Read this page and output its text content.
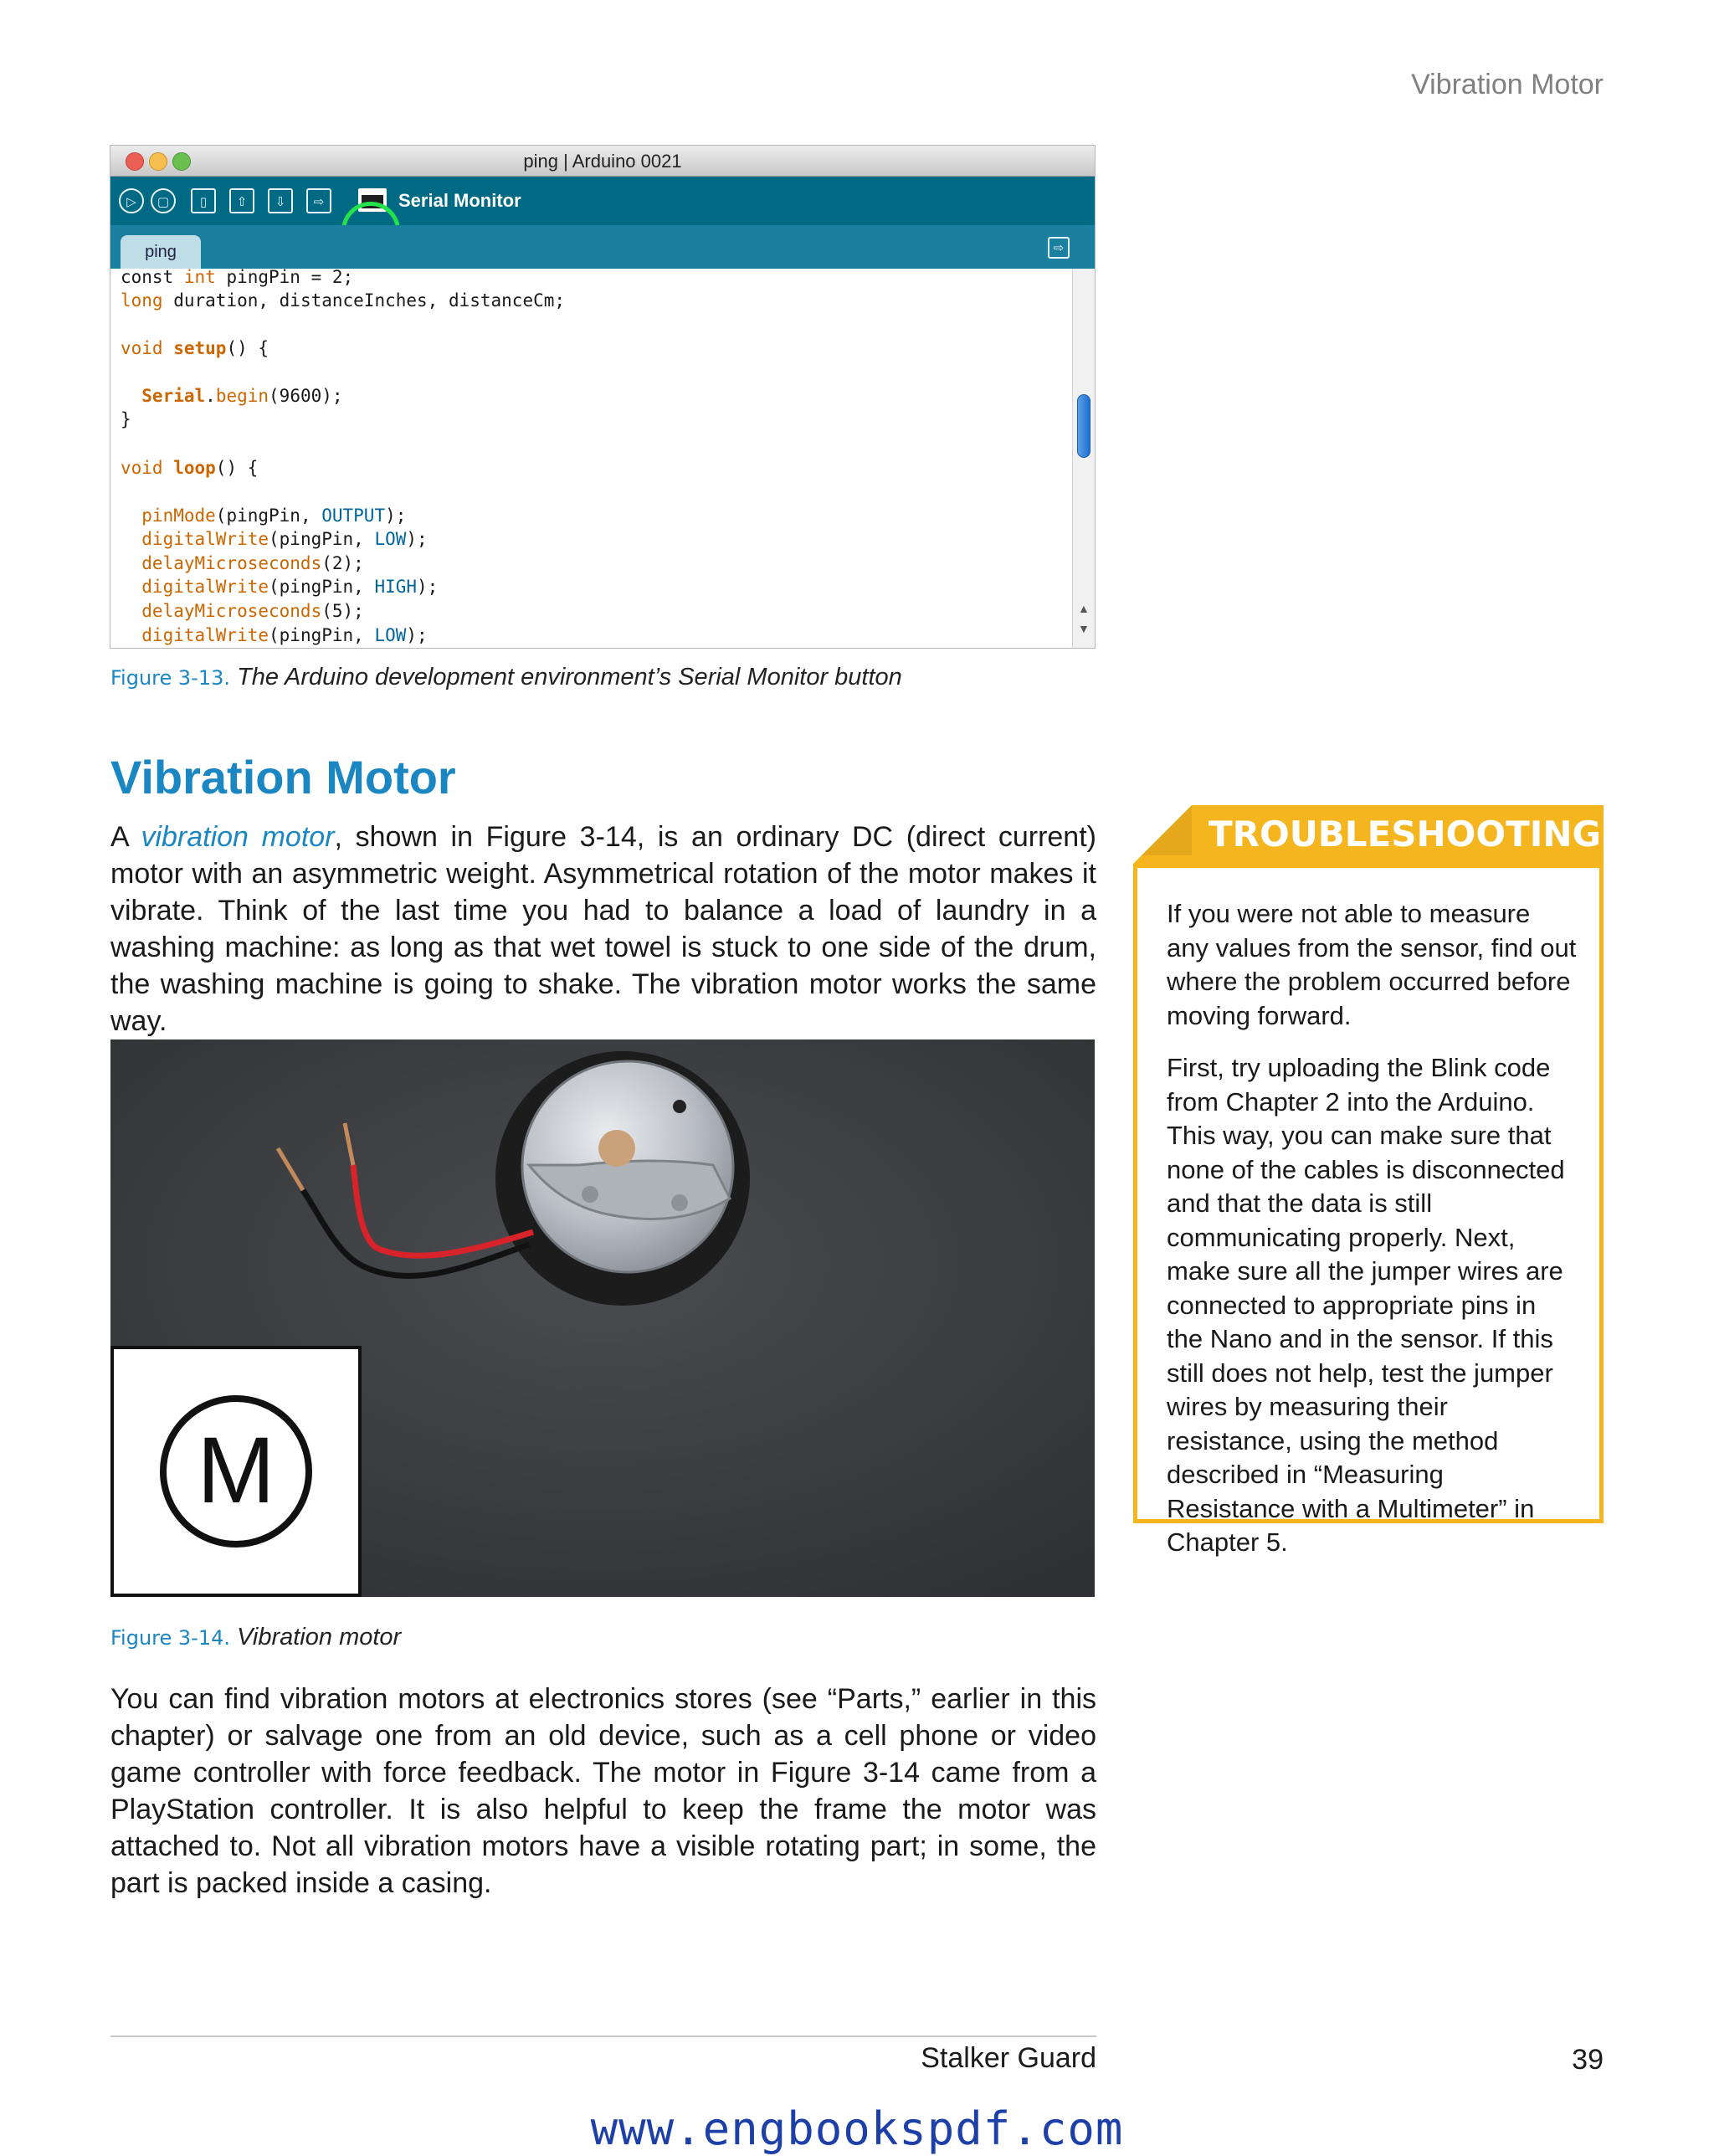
Vibration Motor
ping | Arduino 0021
▷	▢	▯	⇧	⇩	⇨	Serial Monitor
ping	⇨
const int pingPin = 2;
long duration, distanceInches, distanceCm;
void setup() {
Serial.begin(9600);
}
void loop() {
pinMode(pingPin, OUTPUT);
digitalWrite(pingPin, LOW);
delayMicroseconds(2);
digitalWrite(pingPin, HIGH);
delayMicroseconds(5);
digitalWrite(pingPin, LOW);
▲
▼
Figure 3-13. The Arduino development environment’s Serial Monitor button
Vibration Motor
A vibration motor, shown in Figure 3-14, is an ordinary DC (direct current) motor with an asymmetric weight. Asymmetrical rotation of the motor makes it vibrate. Think of the last time you had to balance a load of laundry in a washing machine: as long as that wet towel is stuck to one side of the drum, the washing machine is going to shake. The vibration motor works the same way.
M
Figure 3-14. Vibration motor
You can find vibration motors at electronics stores (see “Parts,” earlier in this chapter) or salvage one from an old device, such as a cell phone or video game controller with force feedback. The motor in Figure 3-14 came from a PlayStation controller. It is also helpful to keep the frame the motor was attached to. Not all vibration motors have a visible rotating part; in some, the part is packed inside a casing.
TROUBLESHOOTING
If you were not able to measure any values from the sensor, find out where the problem occurred before moving forward.
First, try uploading the Blink code from Chapter 2 into the Arduino. This way, you can make sure that none of the cables is disconnected and that the data is still communicating properly. Next, make sure all the jumper wires are connected to appropriate pins in the Nano and in the sensor. If this still does not help, test the jumper wires by measuring their resistance, using the method described in “Measuring Resistance with a Multimeter” in Chapter 5.
Stalker Guard	39
www.engbookspdf.com
